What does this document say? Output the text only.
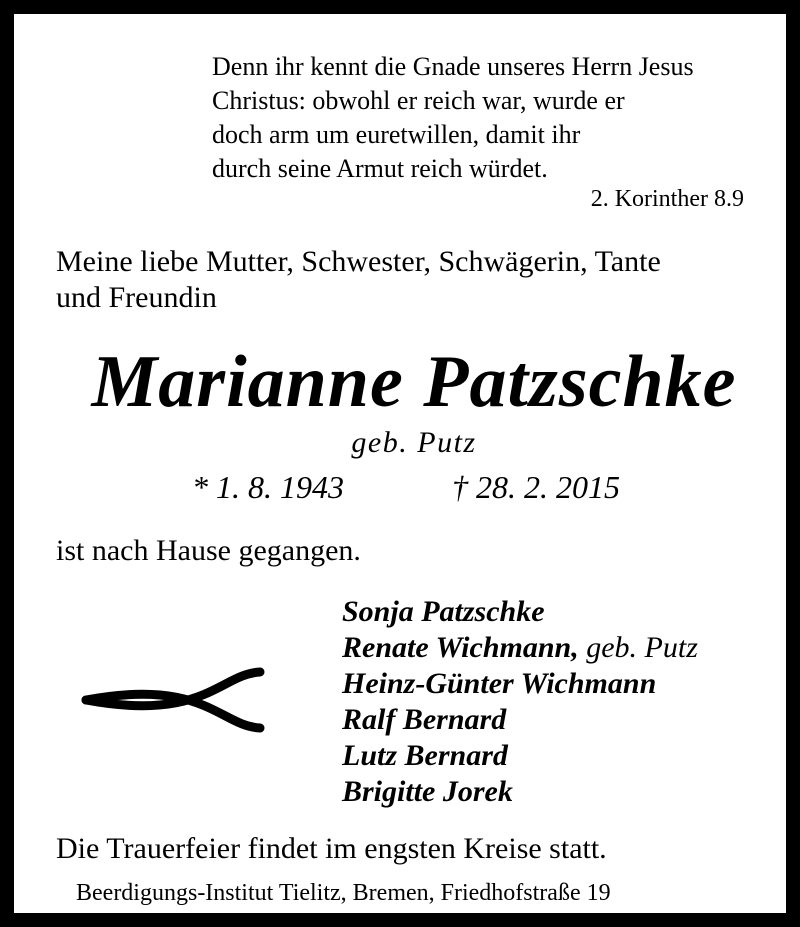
Denn ihr kennt die Gnade unseres Herrn Jesus
Christus: obwohl er reich war, wurde er
doch arm um euretwillen, damit ihr
durch seine Armut reich würdet.
2. Korinther 8.9
Meine liebe Mutter, Schwester, Schwägerin, Tante
und Freundin
Marianne Patzschke
geb. Putz
* 1. 8. 1943	† 28. 2. 2015
ist nach Hause gegangen.
Sonja Patzschke
Renate Wichmann, geb. Putz
Heinz-Günter Wichmann
Ralf Bernard
Lutz Bernard
Brigitte Jorek
Die Trauerfeier findet im engsten Kreise statt.
Beerdigungs-Institut Tielitz, Bremen, Friedhofstraße 19
